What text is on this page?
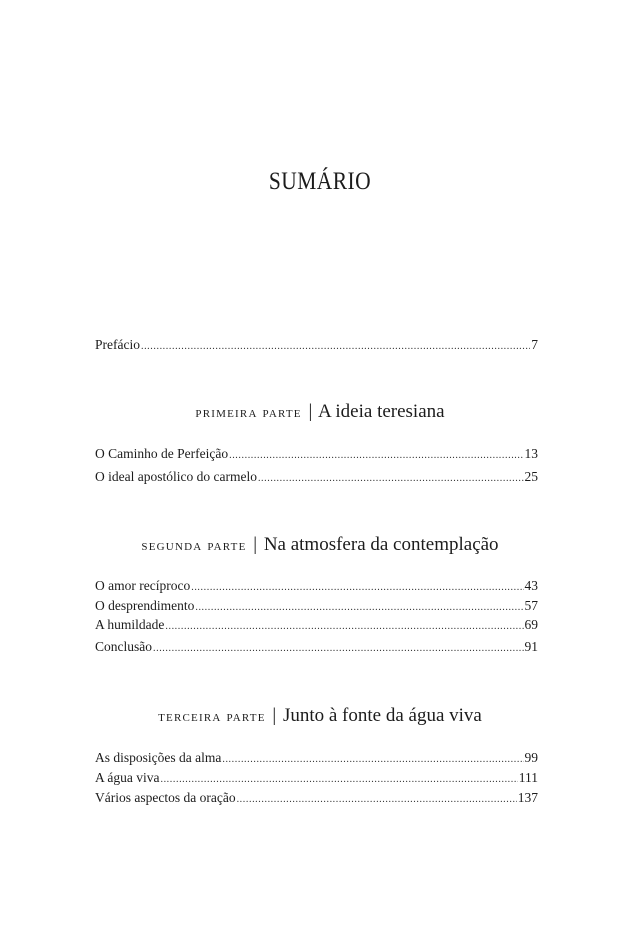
SUMÁRIO
Prefácio .....	7
primeira parte | A ideia teresiana
O Caminho de Perfeição .....	13
O ideal apostólico do carmelo .....	25
segunda parte | Na atmosfera da contemplação
O amor recíproco .....	43
O desprendimento .....	57
A humildade .....	69
Conclusão .....	91
terceira parte | Junto à fonte da água viva
As disposições da alma .....	99
A água viva .....	111
Vários aspectos da oração .....	137
